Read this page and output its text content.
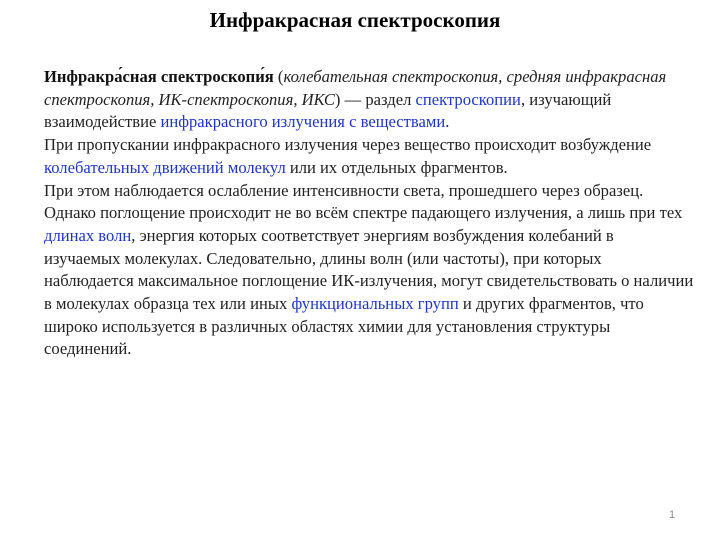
Инфракрасная спектроскопия

Инфракра́сная спектроскопи́я (колебательная спектроскопия, средняя инфракрасная спектроскопия, ИК-спектроскопия, ИКС) — раздел спектроскопии, изучающий взаимодействие инфракрасного излучения с веществами.

При пропускании инфракрасного излучения через вещество происходит возбуждение колебательных движений молекул или их отдельных фрагментов.

При этом наблюдается ослабление интенсивности света, прошедшего через образец. Однако поглощение происходит не во всём спектре падающего излучения, а лишь при тех длинах волн, энергия которых соответствует энергиям возбуждения колебаний в изучаемых молекулах. Следовательно, длины волн (или частоты), при которых наблюдается максимальное поглощение ИК-излучения, могут свидетельствовать о наличии в молекулах образца тех или иных функциональных групп и других фрагментов, что широко используется в различных областях химии для установления структуры соединений.

1
